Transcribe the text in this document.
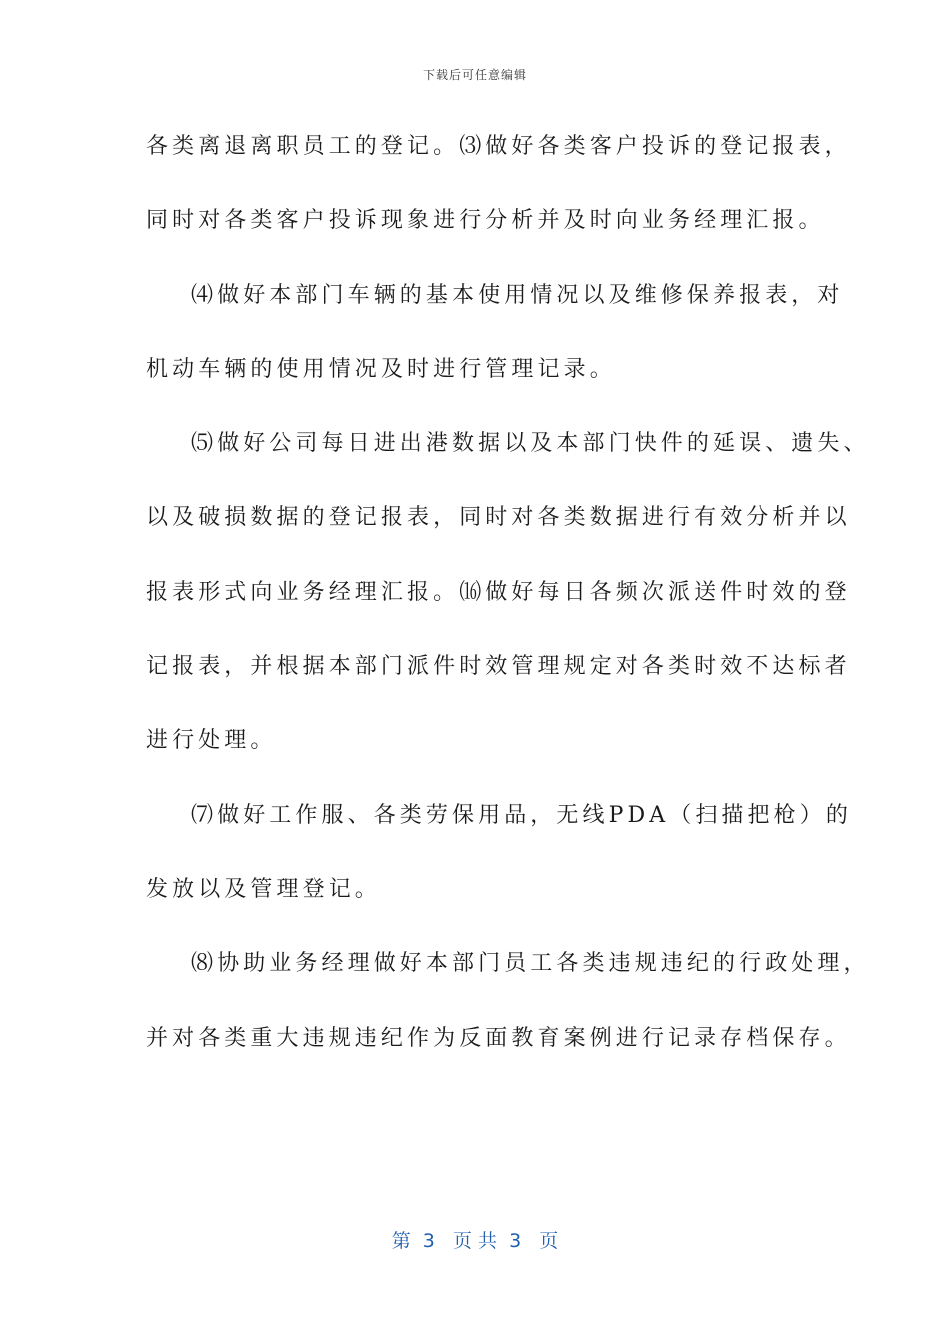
下载后可任意编辑
各类离退离职员工的登记。⑶做好各类客户投诉的登记报表，
同时对各类客户投诉现象进行分析并及时向业务经理汇报。
⑷做好本部门车辆的基本使用情况以及维修保养报表，对
机动车辆的使用情况及时进行管理记录。
⑸做好公司每日进出港数据以及本部门快件的延误、遗失、
以及破损数据的登记报表，同时对各类数据进行有效分析并以
报表形式向业务经理汇报。⒃做好每日各频次派送件时效的登
记报表，并根据本部门派件时效管理规定对各类时效不达标者
进行处理。
⑺做好工作服、各类劳保用品，无线PDA（扫描把枪）的
发放以及管理登记。
⑻协助业务经理做好本部门员工各类违规违纪的行政处理，
并对各类重大违规违纪作为反面教育案例进行记录存档保存。
第  3   页 共  3   页
